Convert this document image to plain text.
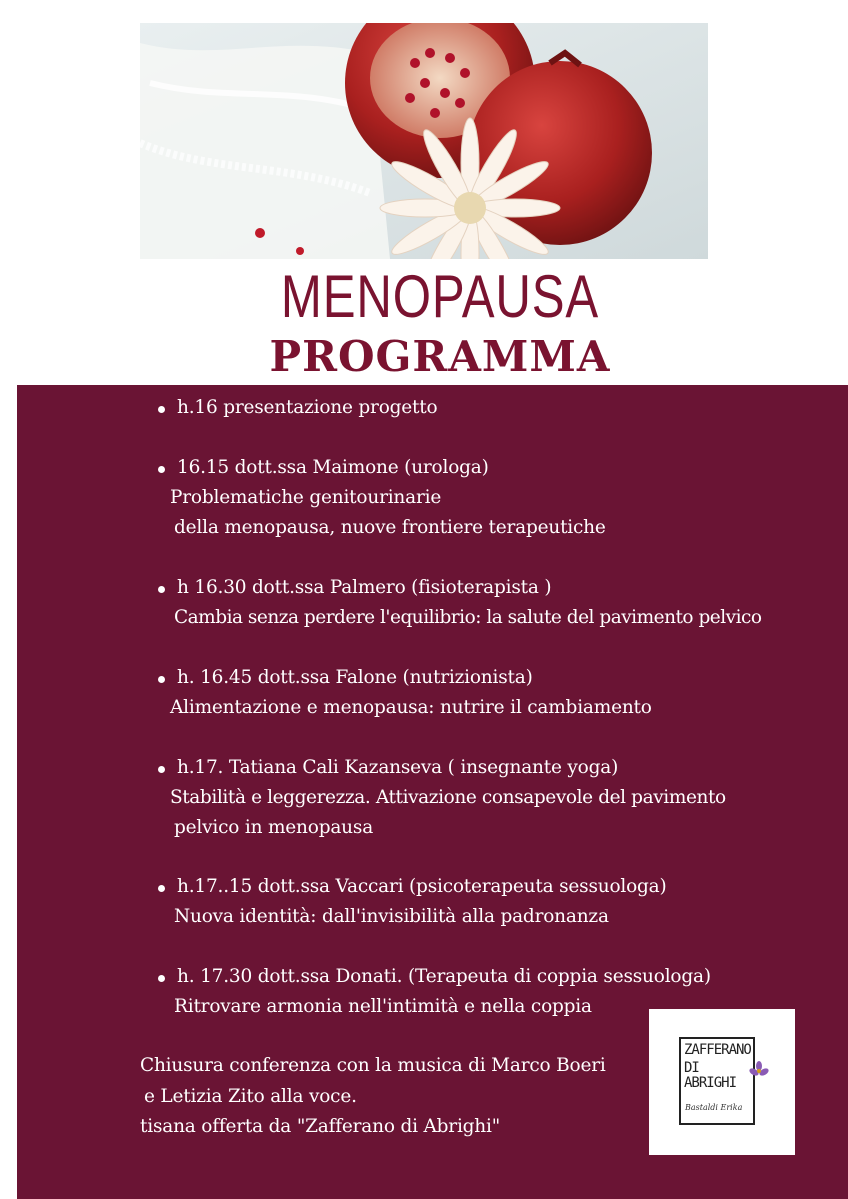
MENOPAUSA
PROGRAMMA
h.16 presentazione progetto
16.15 dott.ssa Maimone (urologa)
Problematiche genitourinarie
della menopausa, nuove frontiere terapeutiche
h 16.30 dott.ssa Palmero (fisioterapista )
Cambia senza perdere l'equilibrio: la salute del pavimento pelvico
h. 16.45 dott.ssa Falone (nutrizionista)
Alimentazione e menopausa: nutrire il cambiamento
h.17. Tatiana Cali Kazanseva ( insegnante yoga)
Stabilità e leggerezza. Attivazione consapevole del pavimento
pelvico in menopausa
h.17..15 dott.ssa Vaccari (psicoterapeuta sessuologa)
Nuova identità: dall'invisibilità alla padronanza
h. 17.30 dott.ssa Donati. (Terapeuta di coppia sessuologa)
Ritrovare armonia nell'intimità e nella coppia
Chiusura conferenza con la musica di Marco Boeri
e Letizia Zito alla voce.
tisana offerta da "Zafferano di Abrighi"
ZAFFERANO
DI ABRIGHI
Bastaldi Erika
